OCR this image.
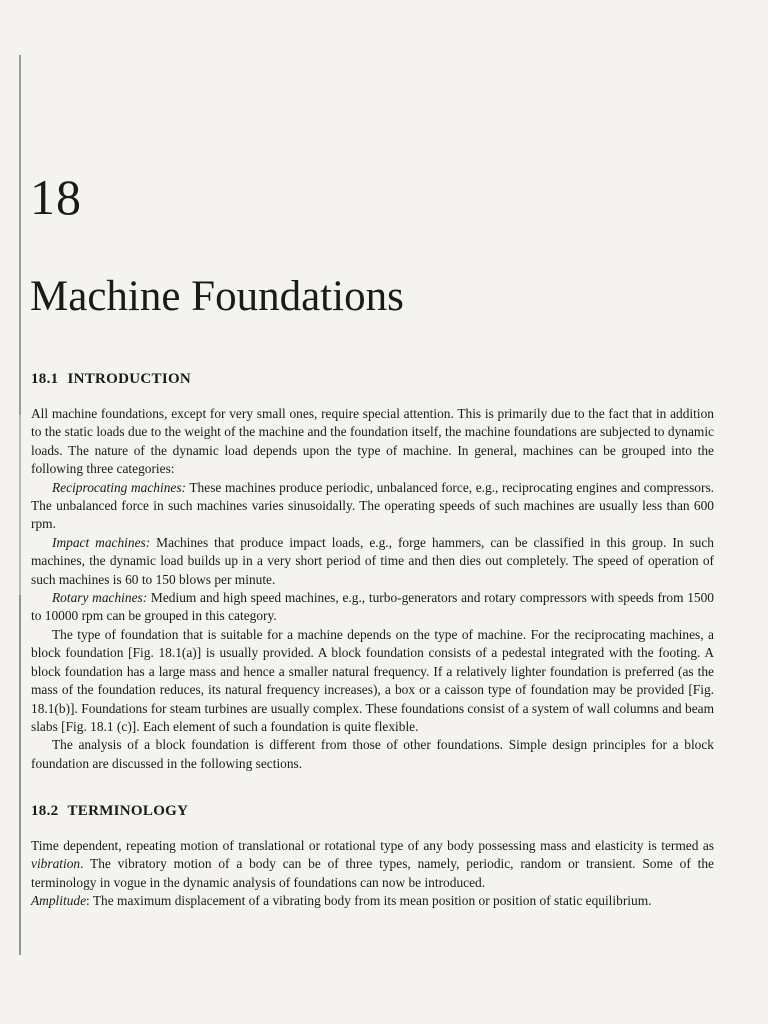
18
Machine Foundations
18.1 INTRODUCTION

All machine foundations, except for very small ones, require special attention. This is primarily due to the fact that in addition to the static loads due to the weight of the machine and the foundation itself, the machine foundations are subjected to dynamic loads. The nature of the dynamic load depends upon the type of machine. In general, machines can be grouped into the following three categories:

Reciprocating machines: These machines produce periodic, unbalanced force, e.g., reciprocating engines and compressors. The unbalanced force in such machines varies sinusoidally. The operating speeds of such machines are usually less than 600 rpm.

Impact machines: Machines that produce impact loads, e.g., forge hammers, can be classified in this group. In such machines, the dynamic load builds up in a very short period of time and then dies out completely. The speed of operation of such machines is 60 to 150 blows per minute.

Rotary machines: Medium and high speed machines, e.g., turbo-generators and rotary compressors with speeds from 1500 to 10000 rpm can be grouped in this category.

The type of foundation that is suitable for a machine depends on the type of machine. For the reciprocating machines, a block foundation [Fig. 18.1(a)] is usually provided. A block foundation consists of a pedestal integrated with the footing. A block foundation has a large mass and hence a smaller natural frequency. If a relatively lighter foundation is preferred (as the mass of the foundation reduces, its natural frequency increases), a box or a caisson type of foundation may be provided [Fig. 18.1(b)]. Foundations for steam turbines are usually complex. These foundations consist of a system of wall columns and beam slabs [Fig. 18.1 (c)]. Each element of such a foundation is quite flexible.

The analysis of a block foundation is different from those of other foundations. Simple design principles for a block foundation are discussed in the following sections.

18.2 TERMINOLOGY

Time dependent, repeating motion of translational or rotational type of any body possessing mass and elasticity is termed as vibration. The vibratory motion of a body can be of three types, namely, periodic, random or transient. Some of the terminology in vogue in the dynamic analysis of foundations can now be introduced.

Amplitude: The maximum displacement of a vibrating body from its mean position or position of static equilibrium.
